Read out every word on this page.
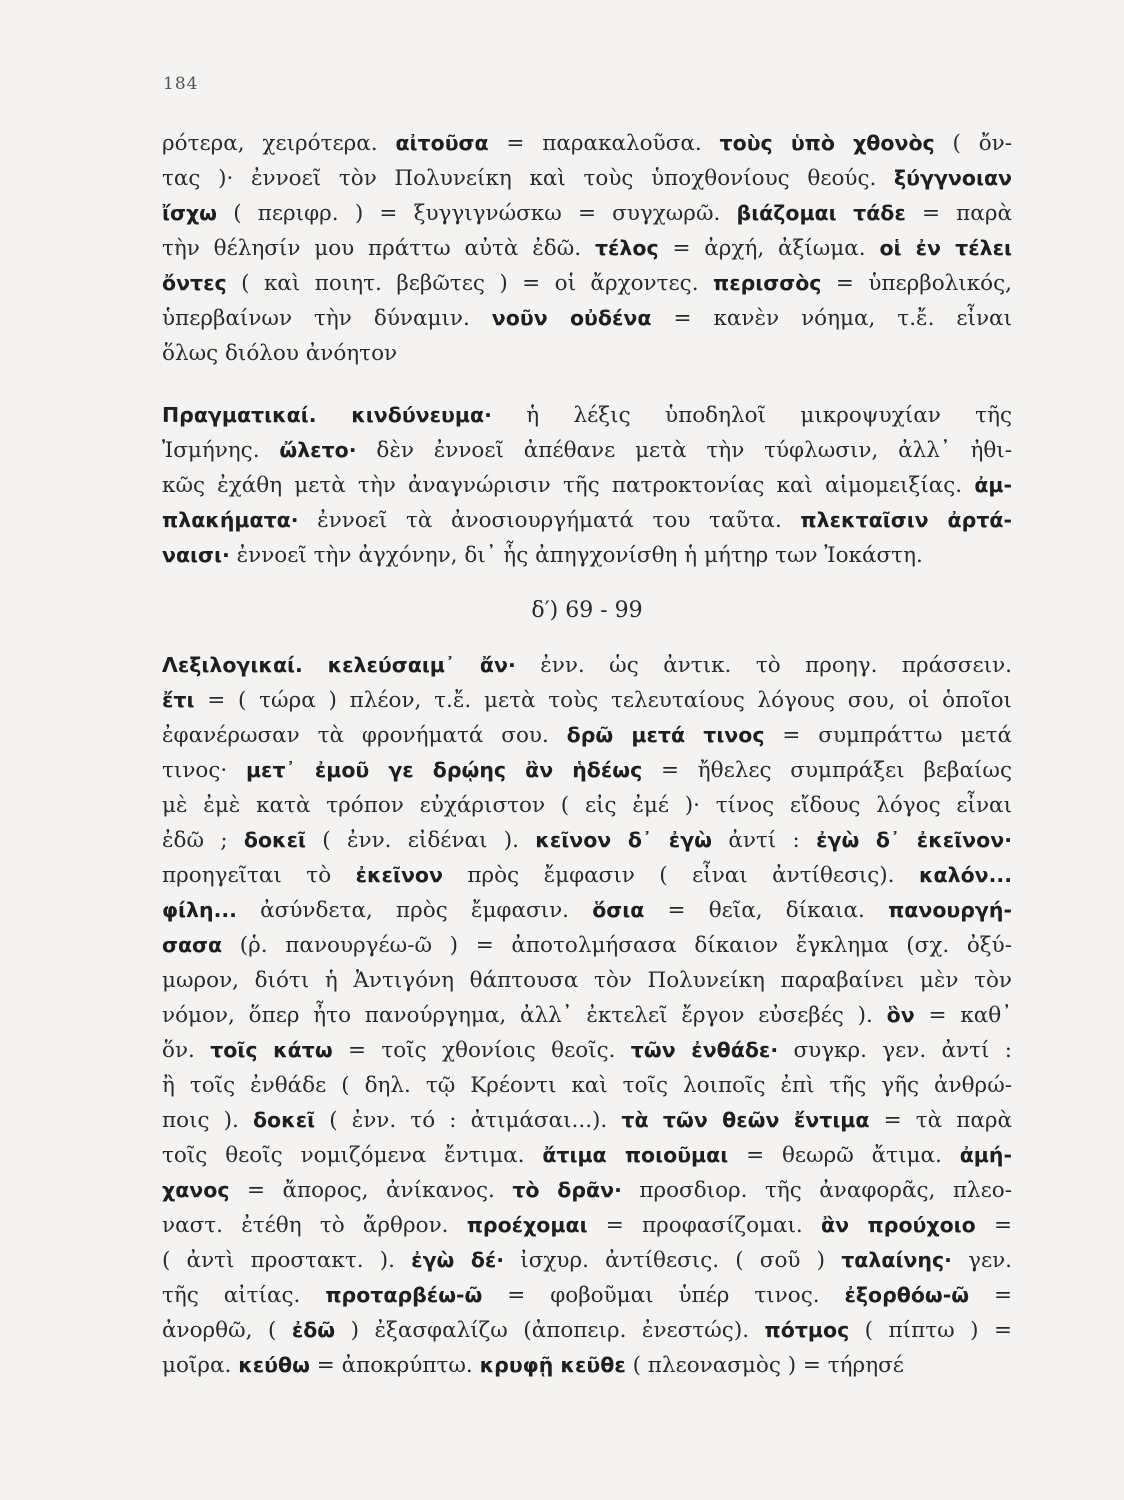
184
ρότερα, χειρότερα. αἰτοῦσα = παρακαλοῦσα. τοὺς ὑπὸ χθονὸς ( ὄν-
τας )· ἐννοεῖ τὸν Πολυνείκη καὶ τοὺς ὑποχθονίους θεούς. ξύγγνοιαν
ἴσχω ( περιφρ. ) = ξυγγιγνώσκω = συγχωρῶ. βιάζομαι τάδε = παρὰ
τὴν θέλησίν μου πράττω αὐτὰ ἐδῶ. τέλος = ἀρχή, ἀξίωμα. οἱ ἐν τέλει
ὄντες ( καὶ ποιητ. βεβῶτες ) = οἱ ἄρχοντες. περισσὸς = ὑπερβολικός,
ὑπερβαίνων τὴν δύναμιν. νοῦν οὐδένα = κανὲν νόημα, τ.ἔ. εἶναι
ὅλως διόλου ἀνόητον
Πραγματικαί. κινδύνευμα· ἡ λέξις ὑποδηλοῖ μικροψυχίαν τῆς
Ἰσμήνης. ὤλετο· δὲν ἐννοεῖ ἀπέθανε μετὰ τὴν τύφλωσιν, ἀλλ᾽ ἠθι-
κῶς ἐχάθη μετὰ τὴν ἀναγνώρισιν τῆς πατροκτονίας καὶ αἱμομειξίας. ἀμ-
πλακήματα· ἐννοεῖ τὰ ἀνοσιουργήματά του ταῦτα. πλεκταῖσιν ἀρτά-
ναισι· ἐννοεῖ τὴν ἀγχόνην, δι᾽ ἧς ἀπηγχονίσθη ἡ μήτηρ των Ἰοκάστη.
δ′) 69 - 99
Λεξιλογικαί. κελεύσαιμ᾽ ἄν· ἐνν. ὡς ἀντικ. τὸ προηγ. πράσσειν.
ἔτι = ( τώρα ) πλέον, τ.ἔ. μετὰ τοὺς τελευταίους λόγους σου, οἱ ὁποῖοι
ἐφανέρωσαν τὰ φρονήματά σου. δρῶ μετά τινος = συμπράττω μετά
τινος· μετ᾽ ἐμοῦ γε δρῴης ἂν ἡδέως = ἤθελες συμπράξει βεβαίως
μὲ ἐμὲ κατὰ τρόπον εὐχάριστον ( εἰς ἐμέ )· τίνος εἴδους λόγος εἶναι
ἐδῶ ; δοκεῖ ( ἐνν. εἰδέναι ). κεῖνον δ᾽ ἐγὼ ἀντί : ἐγὼ δ᾽ ἐκεῖνον·
προηγεῖται τὸ ἐκεῖνον πρὸς ἔμφασιν ( εἶναι ἀντίθεσις). καλόν...
φίλη... ἀσύνδετα, πρὸς ἔμφασιν. ὅσια = θεῖα, δίκαια. πανουργή-
σασα (ῥ. πανουργέω-ῶ ) = ἀποτολμήσασα δίκαιον ἔγκλημα (σχ. ὀξύ-
μωρον, διότι ἡ Ἀντιγόνη θάπτουσα τὸν Πολυνείκη παραβαίνει μὲν τὸν
νόμον, ὅπερ ἦτο πανούργημα, ἀλλ᾽ ἐκτελεῖ ἔργον εὐσεβές ). ὃν = καθ᾽
ὅν. τοῖς κάτω = τοῖς χθονίοις θεοῖς. τῶν ἐνθάδε· συγκρ. γεν. ἀντί :
ἢ τοῖς ἐνθάδε ( δηλ. τῷ Κρέοντι καὶ τοῖς λοιποῖς ἐπὶ τῆς γῆς ἀνθρώ-
ποις ). δοκεῖ ( ἐνν. τό : ἀτιμάσαι...). τὰ τῶν θεῶν ἔντιμα = τὰ παρὰ
τοῖς θεοῖς νομιζόμενα ἔντιμα. ἄτιμα ποιοῦμαι = θεωρῶ ἄτιμα. ἀμή-
χανος = ἄπορος, ἀνίκανος. τὸ δρᾶν· προσδιορ. τῆς ἀναφορᾶς, πλεο-
ναστ. ἐτέθη τὸ ἄρθρον. προέχομαι = προφασίζομαι. ἂν προύχοιο =
( ἀντὶ προστακτ. ). ἐγὼ δέ· ἰσχυρ. ἀντίθεσις. ( σοῦ ) ταλαίνης· γεν.
τῆς αἰτίας. προταρβέω-ῶ = φοβοῦμαι ὑπέρ τινος. ἐξορθόω-ῶ =
ἀνορθῶ, ( ἐδῶ ) ἐξασφαλίζω (ἀποπειρ. ἐνεστώς). πότμος ( πίπτω ) =
μοῖρα. κεύθω = ἀποκρύπτω. κρυφῇ κεῦθε ( πλεονασμὸς ) = τήρησέ
